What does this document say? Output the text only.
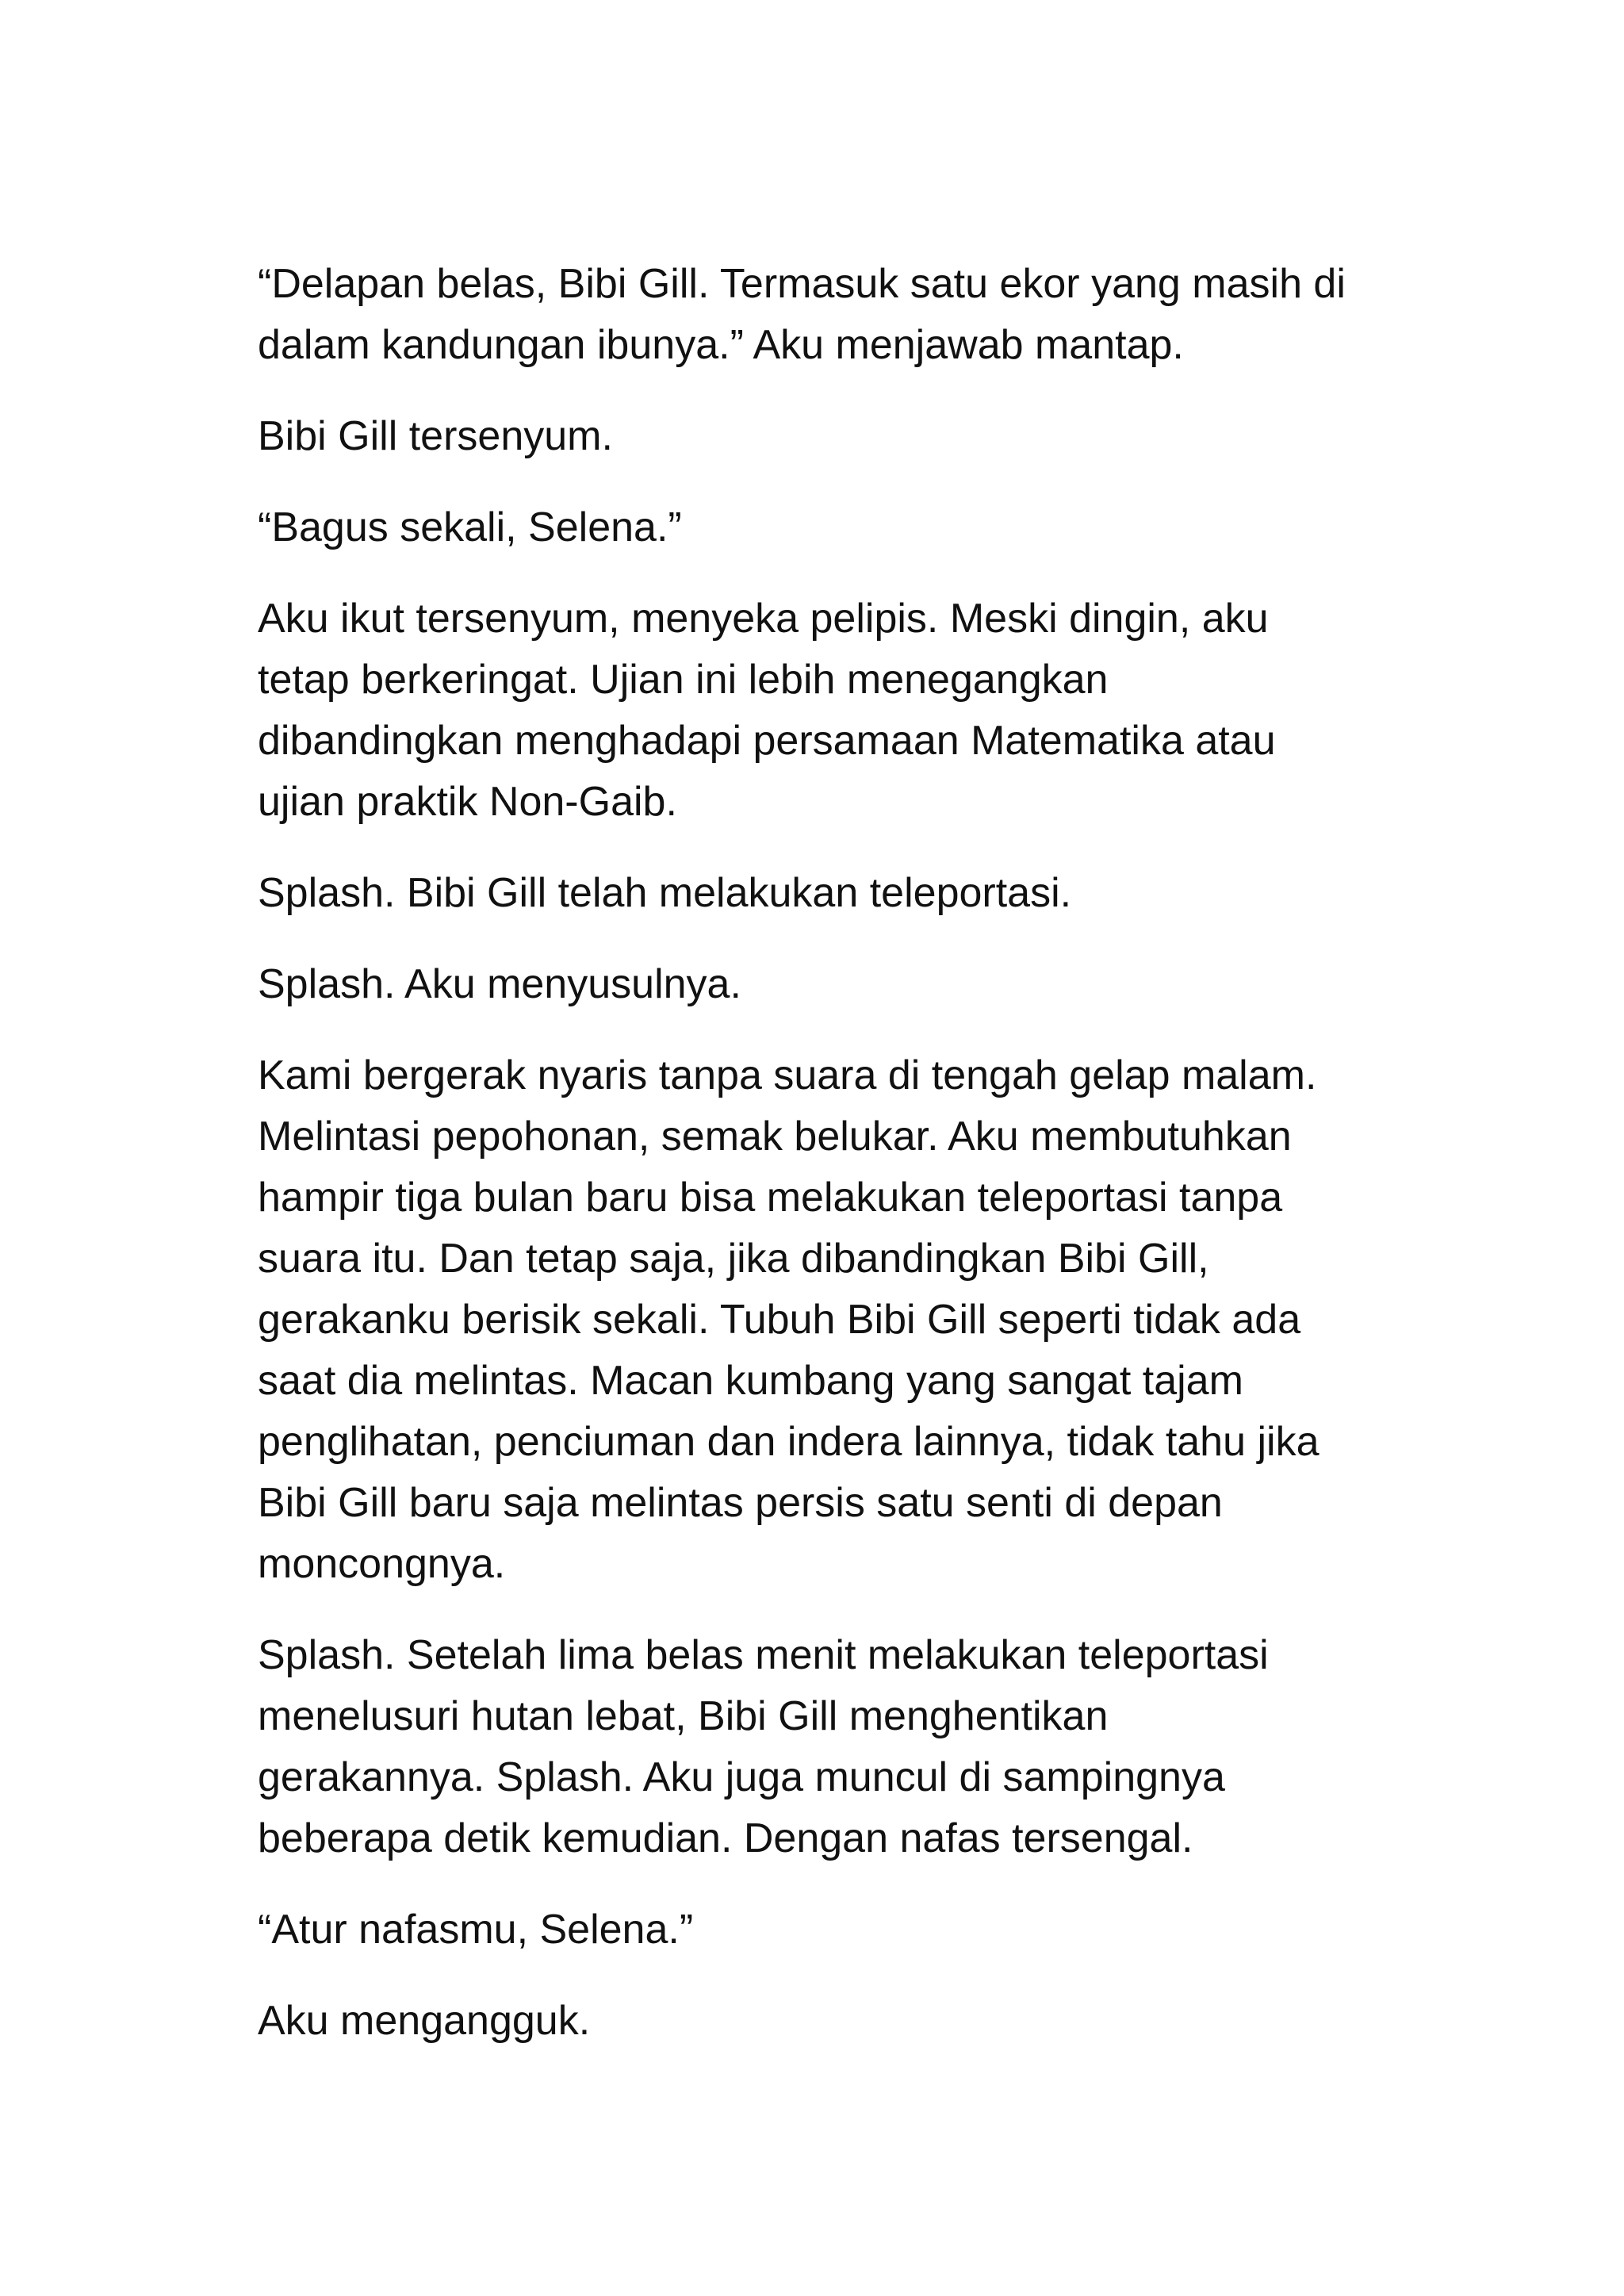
“Delapan belas, Bibi Gill. Termasuk satu ekor yang masih di
dalam kandungan ibunya.” Aku menjawab mantap.

Bibi Gill tersenyum.

“Bagus sekali, Selena.”

Aku ikut tersenyum, menyeka pelipis. Meski dingin, aku
tetap berkeringat. Ujian ini lebih menegangkan
dibandingkan menghadapi persamaan Matematika atau
ujian praktik Non-Gaib.

Splash. Bibi Gill telah melakukan teleportasi.

Splash. Aku menyusulnya.

Kami bergerak nyaris tanpa suara di tengah gelap malam.
Melintasi pepohonan, semak belukar. Aku membutuhkan
hampir tiga bulan baru bisa melakukan teleportasi tanpa
suara itu. Dan tetap saja, jika dibandingkan Bibi Gill,
gerakanku berisik sekali. Tubuh Bibi Gill seperti tidak ada
saat dia melintas. Macan kumbang yang sangat tajam
penglihatan, penciuman dan indera lainnya, tidak tahu jika
Bibi Gill baru saja melintas persis satu senti di depan
moncongnya.

Splash. Setelah lima belas menit melakukan teleportasi
menelusuri hutan lebat, Bibi Gill menghentikan
gerakannya. Splash. Aku juga muncul di sampingnya
beberapa detik kemudian. Dengan nafas tersengal.

“Atur nafasmu, Selena.”

Aku mengangguk.
